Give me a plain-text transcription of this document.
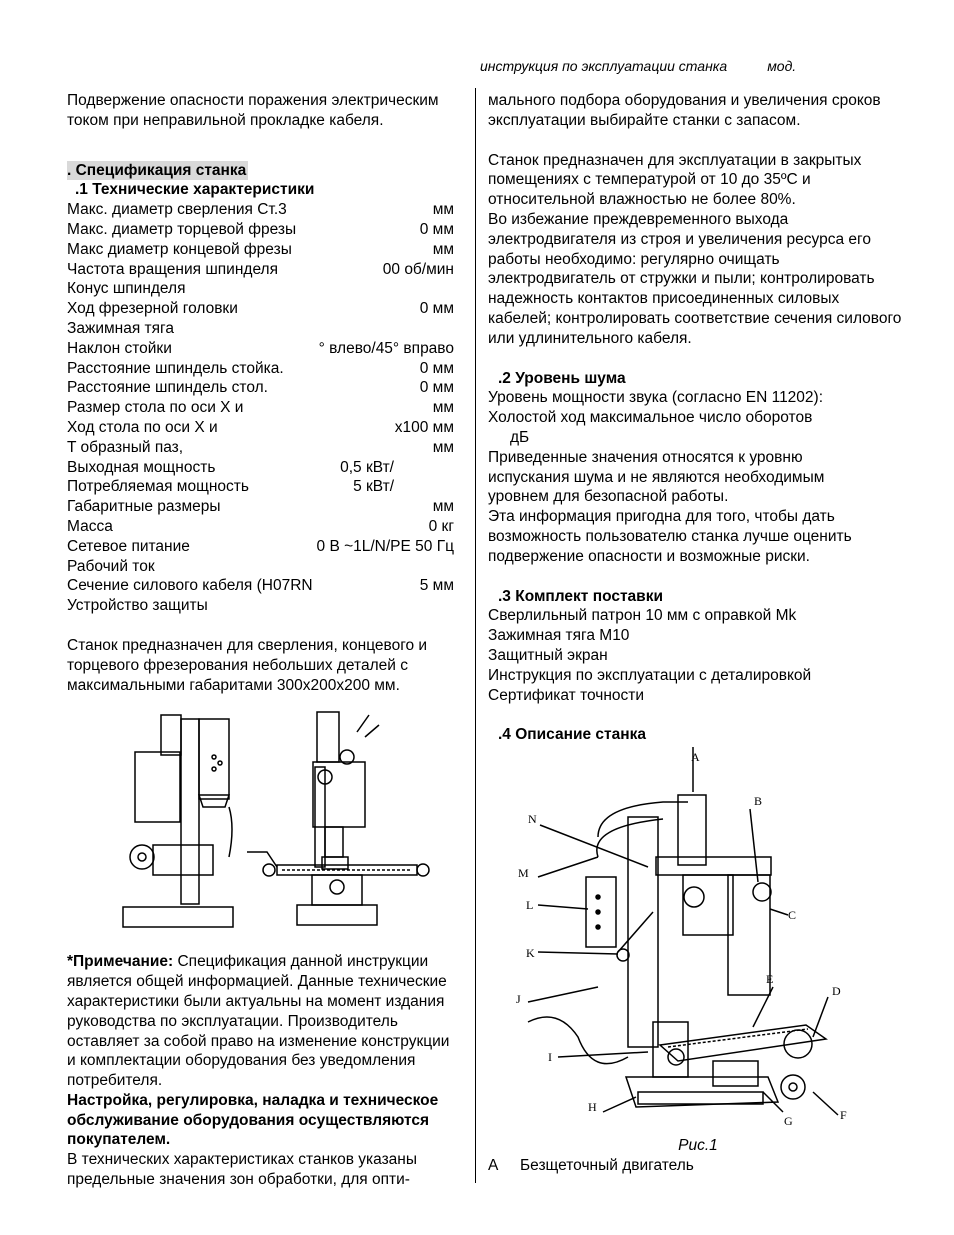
инструкция по эксплуатации станка	мод.

Подвержение опасности поражения электрическим током при неправильной прокладке кабеля.

. Спецификация станка

.1 Технические характеристики

Макс. диаметр сверления Ст.3	мм
Макс. диаметр торцевой фрезы	0 мм
Макс диаметр концевой фрезы	мм
Частота вращения шпинделя	00 об/мин
Конус шпинделя
Ход фрезерной головки	0 мм
Зажимная тяга
Наклон стойки	° влево/45° вправо
Расстояние шпиндель стойка.	0 мм
Расстояние шпиндель стол.	0 мм
Размер стола по оси X и	мм
Ход стола по оси X и	x100 мм
T образный паз,	мм
Выходная мощность	0,5 кВт/
Потребляемая мощность	5 кВт/
Габаритные размеры	мм
Масса	0 кг
Сетевое питание	0 В ~1L/N/PE 50 Гц
Рабочий ток
Сечение силового кабеля (H07RN	5 мм
Устройство защиты

Станок предназначен для сверления, концевого и торцевого фрезерования небольших деталей с максимальными габаритами 300х200х200 мм.

*Примечание: Спецификация данной инструкции является общей информацией. Данные технические характеристики были актуальны на момент издания руководства по эксплуатации. Производитель оставляет за собой право на изменение конструкции и комплектации оборудования без уведомления потребителя.

Настройка, регулировка, наладка и техническое обслуживание оборудования осуществляются покупателем.

В технических характеристиках станков указаны предельные значения зон обработки, для опти-

мального подбора оборудования и увеличения сроков эксплуатации выбирайте станки с запасом.

Станок предназначен для эксплуатации в закрытых помещениях с температурой от 10 до 35ºC и относительной влажностью не более 80%.

Во избежание преждевременного выхода электродвигателя из строя и увеличения ресурса его работы необходимо: регулярно очищать электродвигатель от стружки и пыли; контролировать надежность контактов присоединенных силовых кабелей; контролировать соответствие сечения силового или удлинительного кабеля.

.2 Уровень шума

Уровень мощности звука (согласно EN 11202):

Холостой ход максимальное число оборотов

дБ

Приведенные значения относятся к уровню испускания шума и не являются необходимым уровнем для безопасной работы.

Эта информация пригодна для того, чтобы дать возможность пользователю станка лучше оценить подвержение опасности и возможные риски.

.3 Комплект поставки

Сверлильный патрон 10 мм с оправкой Mk

Зажимная тяга M10

Защитный экран

Инструкция по эксплуатации с деталировкой

Сертификат точности

.4 Описание станка

A
B
C
D
E
F
G
H
I
J
K
L
M
N

Рис.1

A	Безщеточный двигатель
